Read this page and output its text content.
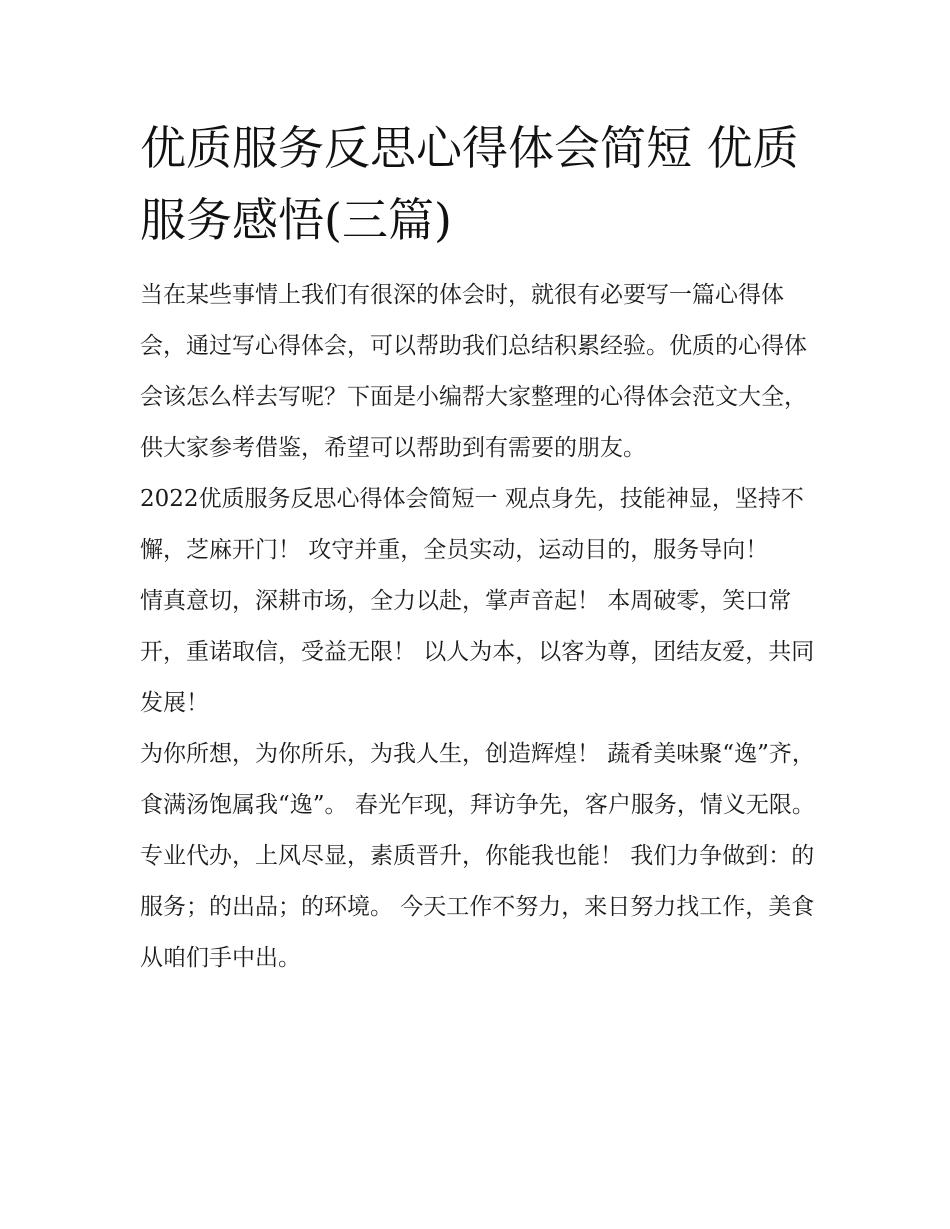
优质服务反思心得体会简短 优质服务感悟(三篇)

当在某些事情上我们有很深的体会时，就很有必要写一篇心得体会，通过写心得体会，可以帮助我们总结积累经验。优质的心得体会该怎么样去写呢？下面是小编帮大家整理的心得体会范文大全，供大家参考借鉴，希望可以帮助到有需要的朋友。

2022优质服务反思心得体会简短一 观点身先，技能神显，坚持不懈，芝麻开门！ 攻守并重，全员实动，运动目的，服务导向！

情真意切，深耕市场，全力以赴，掌声音起！ 本周破零，笑口常开，重诺取信，受益无限！ 以人为本，以客为尊，团结友爱，共同发展！

为你所想，为你所乐，为我人生，创造辉煌！ 蔬肴美味聚“逸”齐，食满汤饱属我“逸”。 春光乍现，拜访争先，客户服务，情义无限。

专业代办，上风尽显，素质晋升，你能我也能！ 我们力争做到：的服务；的出品；的环境。 今天工作不努力，来日努力找工作，美食从咱们手中出。
